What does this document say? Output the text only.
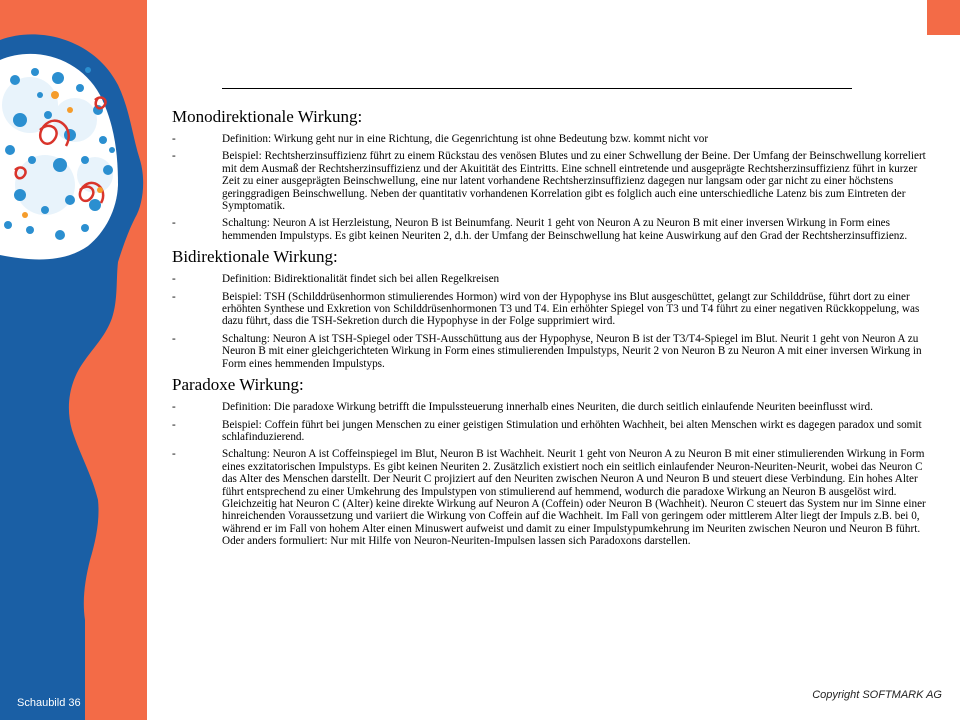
Monodirektionale Wirkung:
-	Definition: Wirkung geht nur in eine Richtung, die Gegenrichtung ist ohne Bedeutung bzw. kommt nicht vor
-	Beispiel: Rechtsherzinsuffizienz führt zu einem Rückstau des venösen Blutes und zu einer Schwellung der Beine. Der Umfang der Beinschwellung korreliert mit dem Ausmaß der Rechtsherzinsuffizienz und der Akuitität des Eintritts. Eine schnell eintretende und ausgeprägte Rechtsherzinsuffizienz führt in kurzer Zeit zu einer ausgeprägten Beinschwellung, eine nur latent vorhandene Rechtsherzinsuffizienz dagegen nur langsam oder gar nicht zu einer höchstens geringgradigen Beinschwellung. Neben der quantitativ vorhandenen Korrelation gibt es folglich auch eine unterschiedliche Latenz bis zum Eintreten der Symptomatik.
-	Schaltung: Neuron A ist Herzleistung, Neuron B ist Beinumfang. Neurit 1 geht von Neuron A zu Neuron B mit einer inversen Wirkung in Form eines hemmenden Impulstyps. Es gibt keinen Neuriten 2, d.h. der Umfang der Beinschwellung hat keine Auswirkung auf den Grad der Rechtsherzinsuffizienz.
Bidirektionale Wirkung:
-	Definition: Bidirektionalität findet sich bei allen Regelkreisen
-	Beispiel: TSH (Schilddrüsenhormon stimulierendes Hormon) wird von der Hypophyse ins Blut ausgeschüttet, gelangt zur Schilddrüse, führt dort zu einer erhöhten Synthese und Exkretion von Schilddrüsenhormonen T3 und T4. Ein erhöhter Spiegel von T3 und T4 führt zu einer negativen Rückkoppelung, was dazu führt, dass die TSH-Sekretion durch die Hypophyse in der Folge supprimiert wird.
-	Schaltung: Neuron A ist TSH-Spiegel oder TSH-Ausschüttung aus der Hypophyse, Neuron B ist der T3/T4-Spiegel im Blut. Neurit 1 geht von Neuron A zu Neuron B mit einer gleichgerichteten Wirkung in Form eines stimulierenden Impulstyps, Neurit 2 von Neuron B zu Neuron A mit einer inversen Wirkung in Form eines hemmenden Impulstyps.
Paradoxe Wirkung:
-	Definition: Die paradoxe Wirkung betrifft die Impulssteuerung innerhalb eines Neuriten, die durch seitlich einlaufende Neuriten beeinflusst wird.
-	Beispiel: Coffein führt bei jungen Menschen zu einer geistigen Stimulation und erhöhten Wachheit, bei alten Menschen wirkt es dagegen paradox und somit schlafinduzierend.
-	Schaltung: Neuron A ist Coffeinspiegel im Blut, Neuron B ist Wachheit. Neurit 1 geht von Neuron A zu Neuron B mit einer stimulierenden Wirkung in Form eines exzitatorischen Impulstyps. Es gibt keinen Neuriten 2. Zusätzlich existiert noch ein seitlich einlaufender Neuron-Neuriten-Neurit, wobei das Neuron C das Alter des Menschen darstellt. Der Neurit C projiziert auf den Neuriten zwischen Neuron A und Neuron B und steuert diese Verbindung. Ein hohes Alter führt entsprechend zu einer Umkehrung des Impulstypen von stimulierend auf hemmend, wodurch die paradoxe Wirkung an Neuron B ausgelöst wird. Gleichzeitig hat Neuron C (Alter) keine direkte Wirkung auf Neuron A (Coffein) oder Neuron B (Wachheit). Neuron C steuert das System nur im Sinne einer hinreichenden Voraussetzung und variiert die Wirkung von Coffein auf die Wachheit. Im Fall von geringem oder mittlerem Alter liegt der Impuls z.B. bei 0, während er im Fall von hohem Alter einen Minuswert aufweist und damit zu einer Impulstypumkehrung im Neuriten zwischen Neuron und Neuron B führt. Oder anders formuliert: Nur mit Hilfe von Neuron-Neuriten-Impulsen lassen sich Paradoxons darstellen.
Schaubild 36
Copyright SOFTMARK AG
